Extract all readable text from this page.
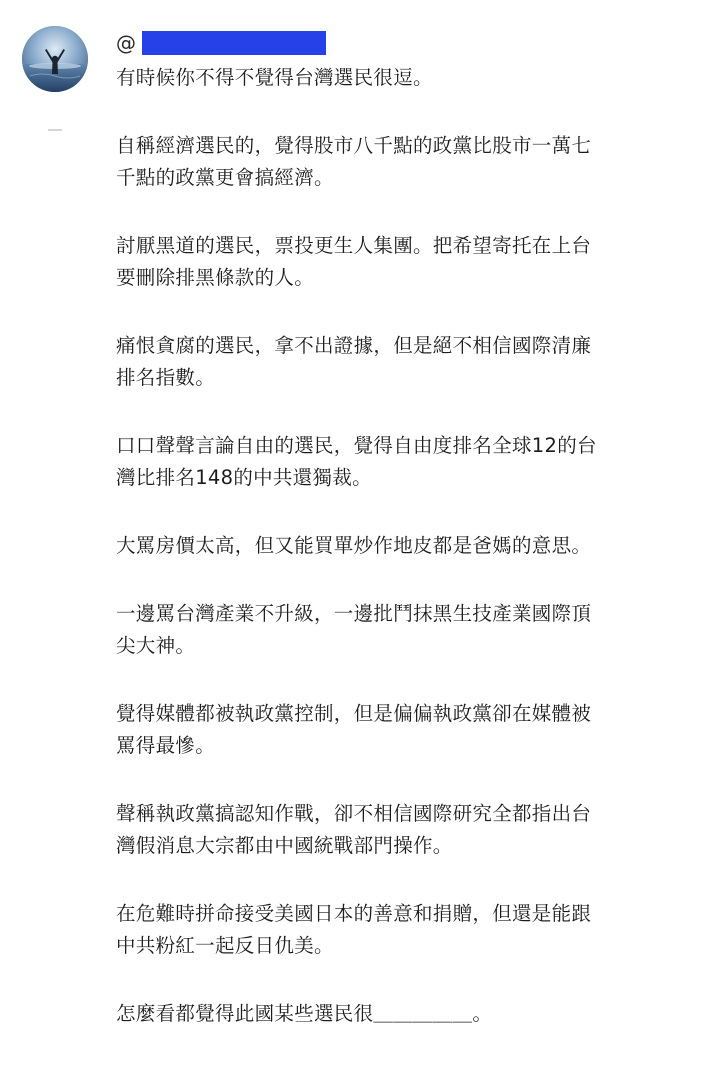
@
有時候你不得不覺得台灣選民很逗。
自稱經濟選民的，覺得股市八千點的政黨比股市一萬七
千點的政黨更會搞經濟。
討厭黑道的選民，票投更生人集團。把希望寄托在上台
要刪除排黑條款的人。
痛恨貪腐的選民，拿不出證據，但是絕不相信國際清廉
排名指數。
口口聲聲言論自由的選民，覺得自由度排名全球12的台
灣比排名148的中共還獨裁。
大罵房價太高，但又能買單炒作地皮都是爸媽的意思。
一邊罵台灣產業不升級，一邊批鬥抹黑生技產業國際頂
尖大神。
覺得媒體都被執政黨控制，但是偏偏執政黨卻在媒體被
罵得最慘。
聲稱執政黨搞認知作戰，卻不相信國際研究全都指出台
灣假消息大宗都由中國統戰部門操作。
在危難時拼命接受美國日本的善意和捐贈，但還是能跟
中共粉紅一起反日仇美。
怎麼看都覺得此國某些選民很＿＿＿＿＿。
